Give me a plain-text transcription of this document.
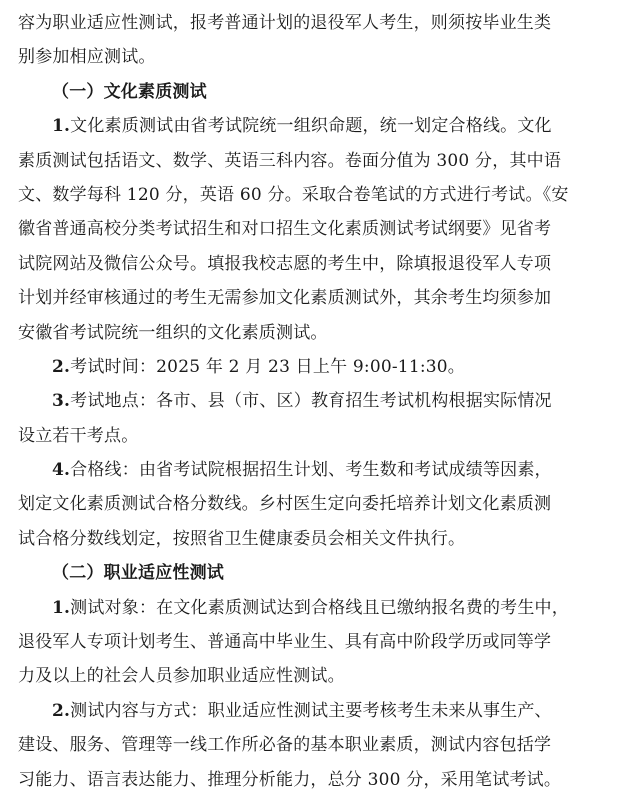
容为职业适应性测试，报考普通计划的退役军人考生，则须按毕业生类
别参加相应测试。
（一）文化素质测试
1.文化素质测试由省考试院统一组织命题，统一划定合格线。文化
素质测试包括语文、数学、英语三科内容。卷面分值为 300 分，其中语
文、数学每科 120 分，英语 60 分。采取合卷笔试的方式进行考试。《安
徽省普通高校分类考试招生和对口招生文化素质测试考试纲要》见省考
试院网站及微信公众号。填报我校志愿的考生中，除填报退役军人专项
计划并经审核通过的考生无需参加文化素质测试外，其余考生均须参加
安徽省考试院统一组织的文化素质测试。
2.考试时间：2025 年 2 月 23 日上午 9:00-11:30。
3.考试地点：各市、县（市、区）教育招生考试机构根据实际情况
设立若干考点。
4.合格线：由省考试院根据招生计划、考生数和考试成绩等因素，
划定文化素质测试合格分数线。乡村医生定向委托培养计划文化素质测
试合格分数线划定，按照省卫生健康委员会相关文件执行。
（二）职业适应性测试
1.测试对象：在文化素质测试达到合格线且已缴纳报名费的考生中，
退役军人专项计划考生、普通高中毕业生、具有高中阶段学历或同等学
力及以上的社会人员参加职业适应性测试。
2.测试内容与方式：职业适应性测试主要考核考生未来从事生产、
建设、服务、管理等一线工作所必备的基本职业素质，测试内容包括学
习能力、语言表达能力、推理分析能力，总分 300 分，采用笔试考试。
